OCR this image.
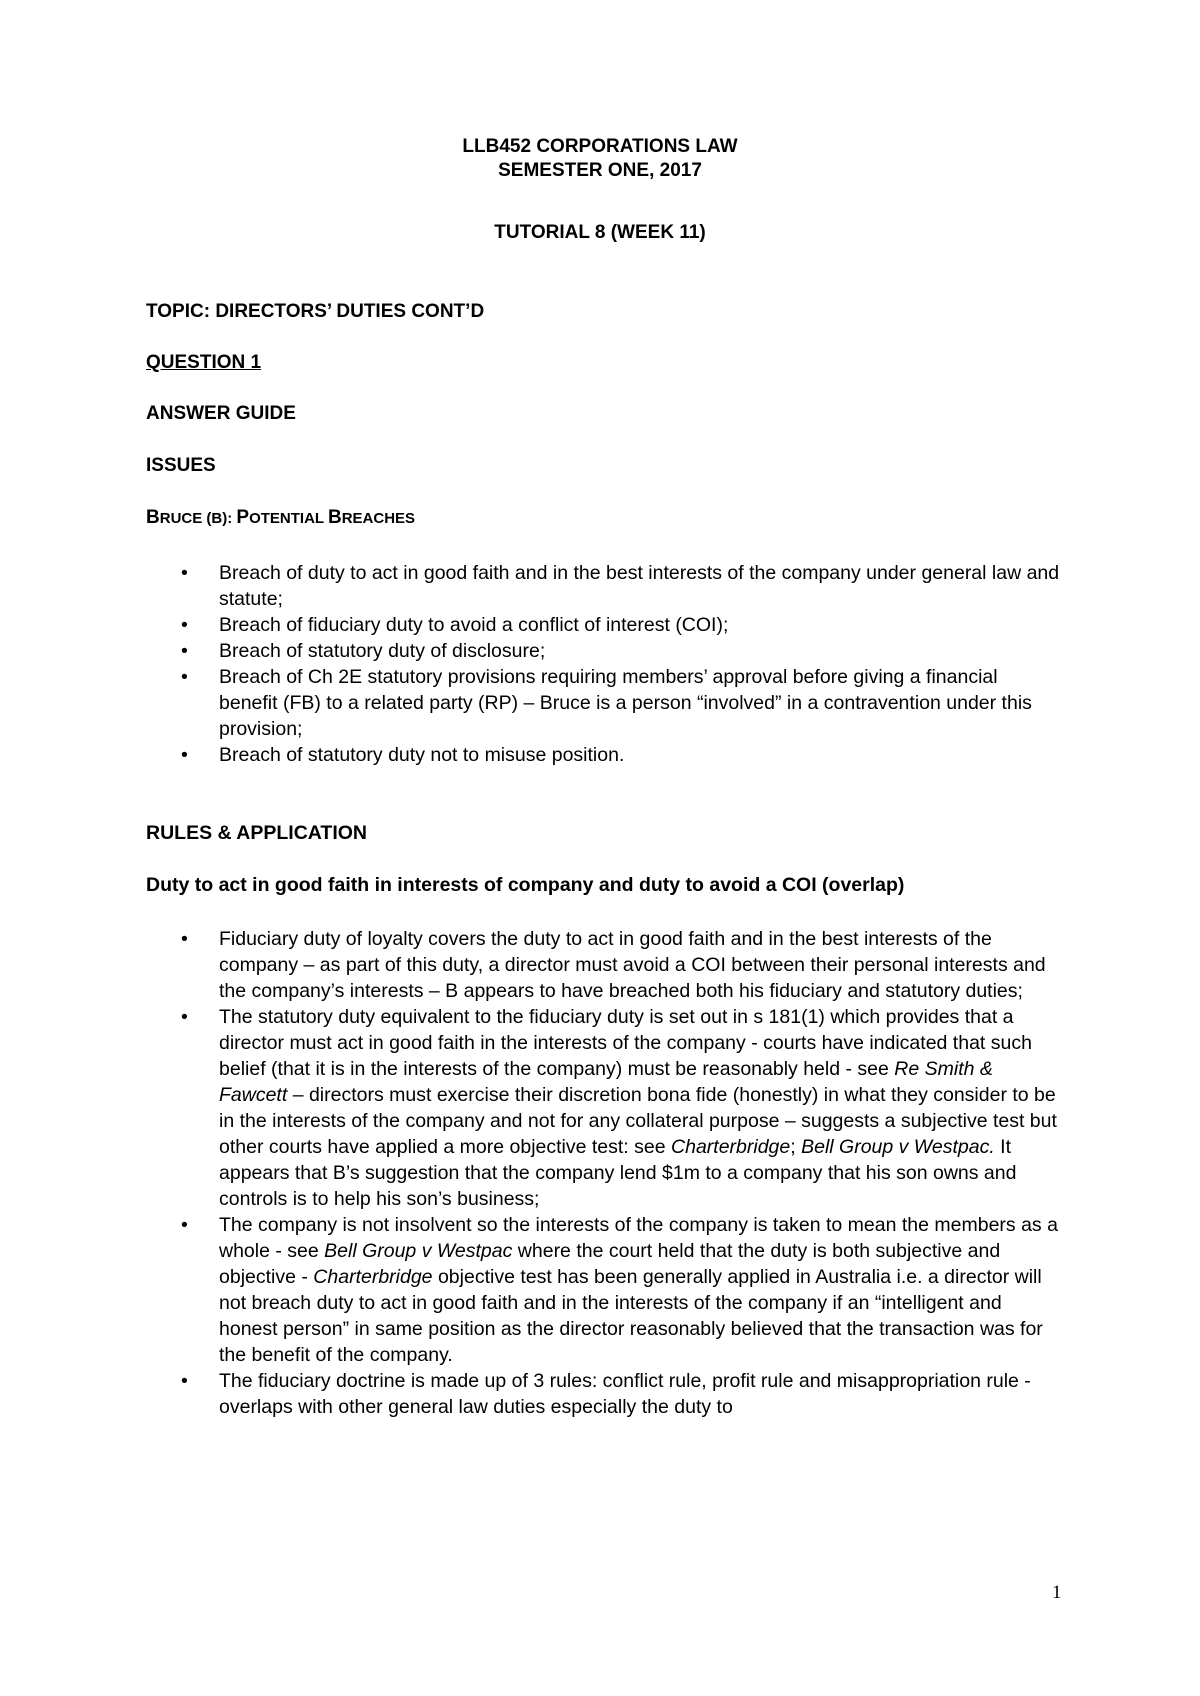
LLB452 CORPORATIONS LAW
SEMESTER ONE, 2017
TUTORIAL 8 (WEEK 11)
TOPIC: DIRECTORS’ DUTIES CONT’D
QUESTION 1
ANSWER GUIDE
ISSUES
BRUCE (B): POTENTIAL BREACHES
• Breach of duty to act in good faith and in the best interests of the company under general law and statute;
• Breach of fiduciary duty to avoid a conflict of interest (COI);
• Breach of statutory duty of disclosure;
• Breach of Ch 2E statutory provisions requiring members’ approval before giving a financial benefit (FB) to a related party (RP) – Bruce is a person “involved” in a contravention under this provision;
• Breach of statutory duty not to misuse position.
RULES & APPLICATION
Duty to act in good faith in interests of company and duty to avoid a COI (overlap)
• Fiduciary duty of loyalty covers the duty to act in good faith and in the best interests of the company – as part of this duty, a director must avoid a COI between their personal interests and the company’s interests – B appears to have breached both his fiduciary and statutory duties;
• The statutory duty equivalent to the fiduciary duty is set out in s 181(1) which provides that a director must act in good faith in the interests of the company - courts have indicated that such belief (that it is in the interests of the company) must be reasonably held - see Re Smith & Fawcett – directors must exercise their discretion bona fide (honestly) in what they consider to be in the interests of the company and not for any collateral purpose – suggests a subjective test but other courts have applied a more objective test: see Charterbridge; Bell Group v Westpac. It appears that B’s suggestion that the company lend $1m to a company that his son owns and controls is to help his son’s business;
• The company is not insolvent so the interests of the company is taken to mean the members as a whole - see Bell Group v Westpac where the court held that the duty is both subjective and objective - Charterbridge objective test has been generally applied in Australia i.e. a director will not breach duty to act in good faith and in the interests of the company if an “intelligent and honest person” in same position as the director reasonably believed that the transaction was for the benefit of the company.
• The fiduciary doctrine is made up of 3 rules: conflict rule, profit rule and misappropriation rule - overlaps with other general law duties especially the duty to
1
